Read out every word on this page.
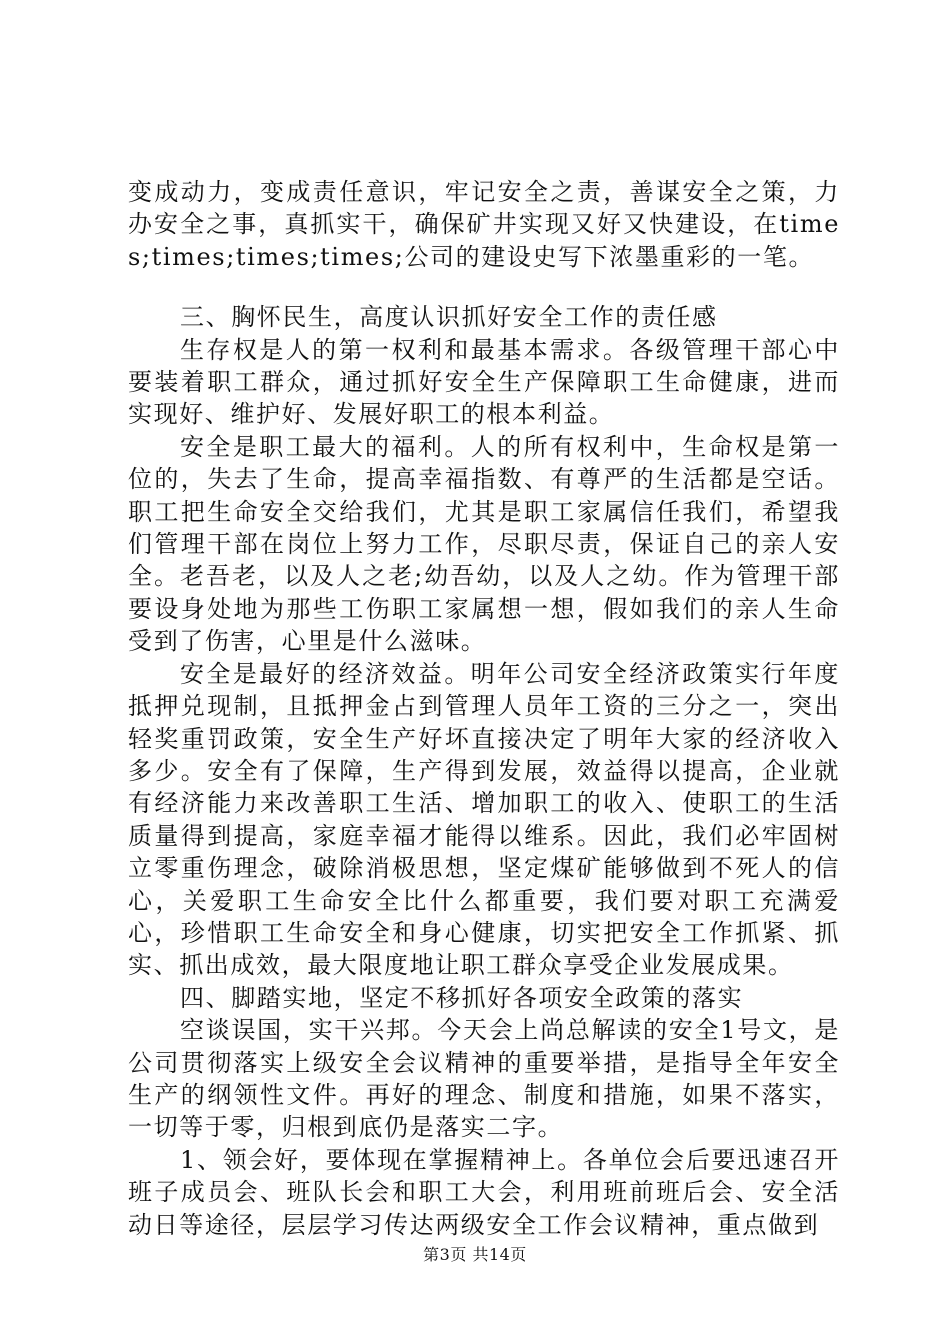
变成动力，变成责任意识，牢记安全之责，善谋安全之策，力办安全之事，真抓实干，确保矿井实现又好又快建设，在times;times;times;times;公司的建设史写下浓墨重彩的一笔。

三、胸怀民生，高度认识抓好安全工作的责任感

生存权是人的第一权利和最基本需求。各级管理干部心中要装着职工群众，通过抓好安全生产保障职工生命健康，进而实现好、维护好、发展好职工的根本利益。

安全是职工最大的福利。人的所有权利中，生命权是第一位的，失去了生命，提高幸福指数、有尊严的生活都是空话。职工把生命安全交给我们，尤其是职工家属信任我们，希望我们管理干部在岗位上努力工作，尽职尽责，保证自己的亲人安全。老吾老，以及人之老;幼吾幼，以及人之幼。作为管理干部要设身处地为那些工伤职工家属想一想，假如我们的亲人生命受到了伤害，心里是什么滋味。

安全是最好的经济效益。明年公司安全经济政策实行年度抵押兑现制，且抵押金占到管理人员年工资的三分之一，突出轻奖重罚政策，安全生产好坏直接决定了明年大家的经济收入多少。安全有了保障，生产得到发展，效益得以提高，企业就有经济能力来改善职工生活、增加职工的收入、使职工的生活质量得到提高，家庭幸福才能得以维系。因此，我们必牢固树立零重伤理念，破除消极思想，坚定煤矿能够做到不死人的信心，关爱职工生命安全比什么都重要，我们要对职工充满爱心，珍惜职工生命安全和身心健康，切实把安全工作抓紧、抓实、抓出成效，最大限度地让职工群众享受企业发展成果。

四、脚踏实地，坚定不移抓好各项安全政策的落实

空谈误国，实干兴邦。今天会上尚总解读的安全1号文，是公司贯彻落实上级安全会议精神的重要举措，是指导全年安全生产的纲领性文件。再好的理念、制度和措施，如果不落实，一切等于零，归根到底仍是落实二字。

1、领会好，要体现在掌握精神上。各单位会后要迅速召开班子成员会、班队长会和职工大会，利用班前班后会、安全活动日等途径，层层学习传达两级安全工作会议精神，重点做到

第3页 共14页
